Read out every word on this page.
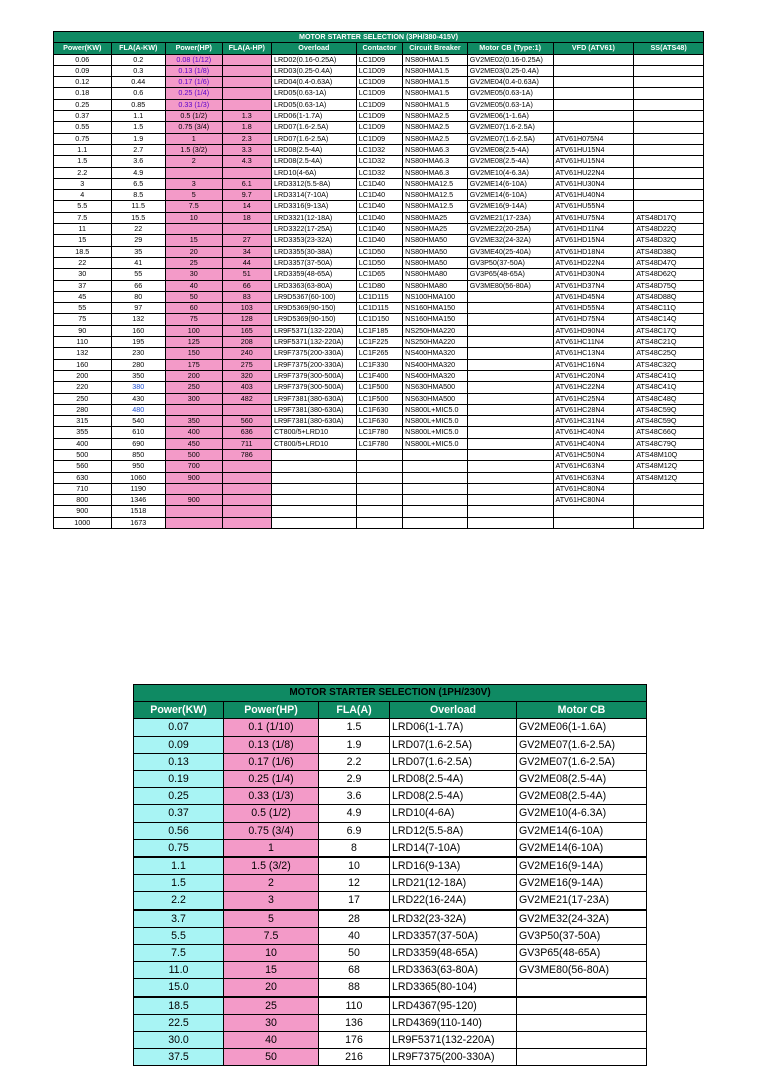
MOTOR STARTER SELECTION (3PH/380-415V)									
Power(KW)	FLA(A-KW)	Power(HP)	FLA(A-HP)	Overload	Contactor	Circuit Breaker	Motor CB (Type:1)	VFD (ATV61)	SS(ATS48)
0.06	0.2	0.08 (1/12)		LRD02(0.16-0.25A)	LC1D09	NS80HMA1.5	GV2ME02(0.16-0.25A)		
0.09	0.3	0.13 (1/8)		LRD03(0.25-0.4A)	LC1D09	NS80HMA1.5	GV2ME03(0.25-0.4A)		
0.12	0.44	0.17 (1/6)		LRD04(0.4-0.63A)	LC1D09	NS80HMA1.5	GV2ME04(0.4-0.63A)		
0.18	0.6	0.25 (1/4)		LRD05(0.63-1A)	LC1D09	NS80HMA1.5	GV2ME05(0.63-1A)		
0.25	0.85	0.33 (1/3)		LRD05(0.63-1A)	LC1D09	NS80HMA1.5	GV2ME05(0.63-1A)		
0.37	1.1	0.5 (1/2)	1.3	LRD06(1-1.7A)	LC1D09	NS80HMA2.5	GV2ME06(1-1.6A)		
0.55	1.5	0.75 (3/4)	1.8	LRD07(1.6-2.5A)	LC1D09	NS80HMA2.5	GV2ME07(1.6-2.5A)		
0.75	1.9	1	2.3	LRD07(1.6-2.5A)	LC1D09	NS80HMA2.5	GV2ME07(1.6-2.5A)	ATV61H075N4	
1.1	2.7	1.5 (3/2)	3.3	LRD08(2.5-4A)	LC1D32	NS80HMA6.3	GV2ME08(2.5-4A)	ATV61HU15N4	
1.5	3.6	2	4.3	LRD08(2.5-4A)	LC1D32	NS80HMA6.3	GV2ME08(2.5-4A)	ATV61HU15N4	
2.2	4.9			LRD10(4-6A)	LC1D32	NS80HMA6.3	GV2ME10(4-6.3A)	ATV61HU22N4	
3	6.5	3	6.1	LRD3312(5.5-8A)	LC1D40	NS80HMA12.5	GV2ME14(6-10A)	ATV61HU30N4	
4	8.5	5	9.7	LRD3314(7-10A)	LC1D40	NS80HMA12.5	GV2ME14(6-10A)	ATV61HU40N4	
5.5	11.5	7.5	14	LRD3316(9-13A)	LC1D40	NS80HMA12.5	GV2ME16(9-14A)	ATV61HU55N4	
7.5	15.5	10	18	LRD3321(12-18A)	LC1D40	NS80HMA25	GV2ME21(17-23A)	ATV61HU75N4	ATS48D17Q
11	22			LRD3322(17-25A)	LC1D40	NS80HMA25	GV2ME22(20-25A)	ATV61HD11N4	ATS48D22Q
15	29	15	27	LRD3353(23-32A)	LC1D40	NS80HMA50	GV2ME32(24-32A)	ATV61HD15N4	ATS48D32Q
18.5	35	20	34	LRD3355(30-38A)	LC1D50	NS80HMA50	GV3ME40(25-40A)	ATV61HD18N4	ATS48D38Q
22	41	25	44	LRD3357(37-50A)	LC1D50	NS80HMA50	GV3P50(37-50A)	ATV61HD22N4	ATS48D47Q
30	55	30	51	LRD3359(48-65A)	LC1D65	NS80HMA80	GV3P65(48-65A)	ATV61HD30N4	ATS48D62Q
37	66	40	66	LRD3363(63-80A)	LC1D80	NS80HMA80	GV3ME80(56-80A)	ATV61HD37N4	ATS48D75Q
45	80	50	83	LR9D5367(60-100)	LC1D115	NS100HMA100		ATV61HD45N4	ATS48D88Q
55	97	60	103	LR9D5369(90-150)	LC1D115	NS160HMA150		ATV61HD55N4	ATS48C11Q
75	132	75	128	LR9D5369(90-150)	LC1D150	NS160HMA150		ATV61HD75N4	ATS48C14Q
90	160	100	165	LR9F5371(132-220A)	LC1F185	NS250HMA220		ATV61HD90N4	ATS48C17Q
110	195	125	208	LR9F5371(132-220A)	LC1F225	NS250HMA220		ATV61HC11N4	ATS48C21Q
132	230	150	240	LR9F7375(200-330A)	LC1F265	NS400HMA320		ATV61HC13N4	ATS48C25Q
160	280	175	275	LR9F7375(200-330A)	LC1F330	NS400HMA320		ATV61HC16N4	ATS48C32Q
200	350	200	320	LR9F7379(300-500A)	LC1F400	NS400HMA320		ATV61HC20N4	ATS48C41Q
220	380	250	403	LR9F7379(300-500A)	LC1F500	NS630HMA500		ATV61HC22N4	ATS48C41Q
250	430	300	482	LR9F7381(380-630A)	LC1F500	NS630HMA500		ATV61HC25N4	ATS48C48Q
280	480			LR9F7381(380-630A)	LC1F630	NS800L+MIC5.0		ATV61HC28N4	ATS48C59Q
315	540	350	560	LR9F7381(380-630A)	LC1F630	NS800L+MIC5.0		ATV61HC31N4	ATS48C59Q
355	610	400	636	CT800/5+LRD10	LC1F780	NS800L+MIC5.0		ATV61HC40N4	ATS48C66Q
400	690	450	711	CT800/5+LRD10	LC1F780	NS800L+MIC5.0		ATV61HC40N4	ATS48C79Q
500	850	500	786					ATV61HC50N4	ATS48M10Q
560	950	700						ATV61HC63N4	ATS48M12Q
630	1060	900						ATV61HC63N4	ATS48M12Q
710	1190							ATV61HC80N4	
800	1346	900						ATV61HC80N4	
900	1518								
1000	1673								
MOTOR STARTER SELECTION (1PH/230V)				
Power(KW)	Power(HP)	FLA(A)	Overload	Motor CB
0.07	0.1 (1/10)	1.5	LRD06(1-1.7A)	GV2ME06(1-1.6A)
0.09	0.13 (1/8)	1.9	LRD07(1.6-2.5A)	GV2ME07(1.6-2.5A)
0.13	0.17 (1/6)	2.2	LRD07(1.6-2.5A)	GV2ME07(1.6-2.5A)
0.19	0.25 (1/4)	2.9	LRD08(2.5-4A)	GV2ME08(2.5-4A)
0.25	0.33 (1/3)	3.6	LRD08(2.5-4A)	GV2ME08(2.5-4A)
0.37	0.5 (1/2)	4.9	LRD10(4-6A)	GV2ME10(4-6.3A)
0.56	0.75 (3/4)	6.9	LRD12(5.5-8A)	GV2ME14(6-10A)
0.75	1	8	LRD14(7-10A)	GV2ME14(6-10A)
1.1	1.5 (3/2)	10	LRD16(9-13A)	GV2ME16(9-14A)
1.5	2	12	LRD21(12-18A)	GV2ME16(9-14A)
2.2	3	17	LRD22(16-24A)	GV2ME21(17-23A)
3.7	5	28	LRD32(23-32A)	GV2ME32(24-32A)
5.5	7.5	40	LRD3357(37-50A)	GV3P50(37-50A)
7.5	10	50	LRD3359(48-65A)	GV3P65(48-65A)
11.0	15	68	LRD3363(63-80A)	GV3ME80(56-80A)
15.0	20	88	LRD3365(80-104)	
18.5	25	110	LRD4367(95-120)	
22.5	30	136	LRD4369(110-140)	
30.0	40	176	LR9F5371(132-220A)	
37.5	50	216	LR9F7375(200-330A)	
